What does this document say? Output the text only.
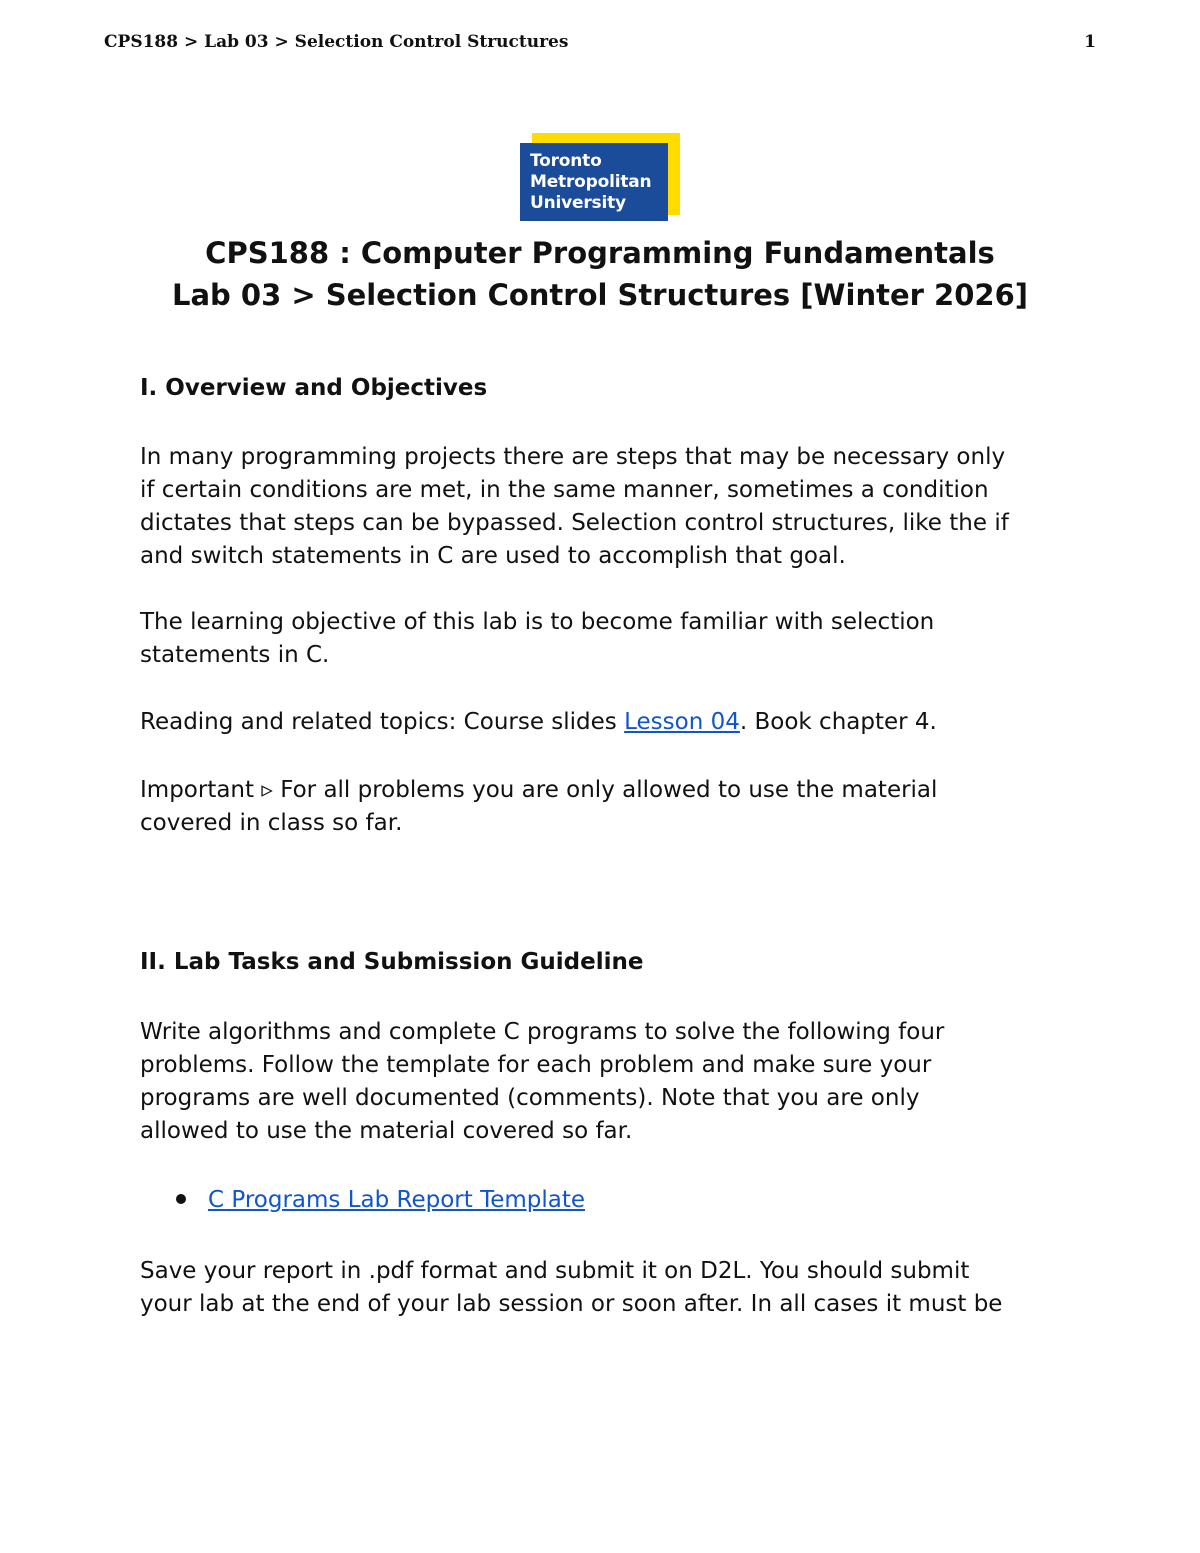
CPS188 > Lab 03 > Selection Control Structures	1
Toronto
Metropolitan
University
CPS188 : Computer Programming Fundamentals
Lab 03 > Selection Control Structures [Winter 2026]
I. Overview and Objectives
In many programming projects there are steps that may be necessary only
if certain conditions are met, in the same manner, sometimes a condition
dictates that steps can be bypassed. Selection control structures, like the if
and switch statements in C are used to accomplish that goal.
The learning objective of this lab is to become familiar with selection
statements in C.
Reading and related topics: Course slides Lesson 04. Book chapter 4.
Important ▹ For all problems you are only allowed to use the material
covered in class so far.
II. Lab Tasks and Submission Guideline
Write algorithms and complete C programs to solve the following four
problems. Follow the template for each problem and make sure your
programs are well documented (comments). Note that you are only
allowed to use the material covered so far.
C Programs Lab Report Template
Save your report in .pdf format and submit it on D2L. You should submit
your lab at the end of your lab session or soon after. In all cases it must be
